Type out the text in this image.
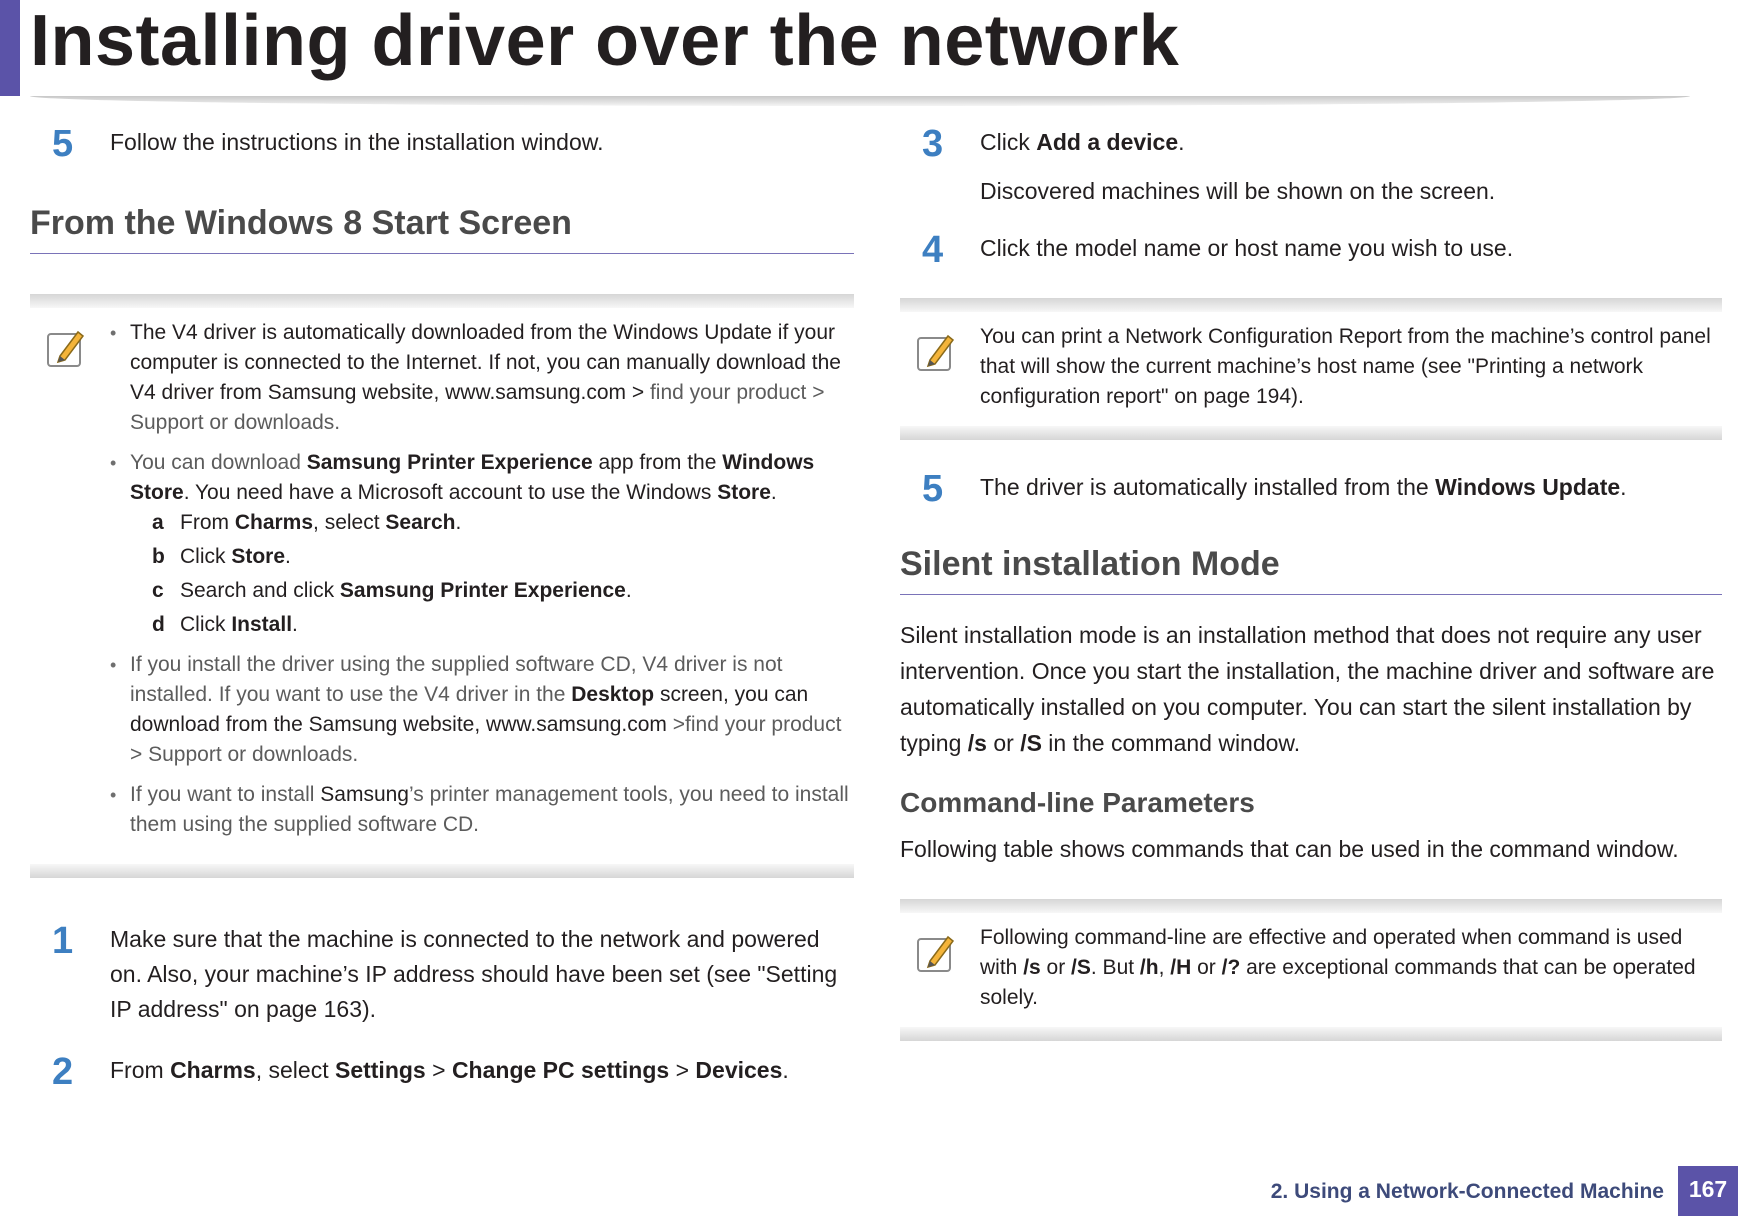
Installing driver over the network
5 Follow the instructions in the installation window.

From the Windows 8 Start Screen
• The V4 driver is automatically downloaded from the Windows Update if your computer is connected to the Internet. If not, you can manually download the V4 driver from Samsung website, www.samsung.com > find your product > Support or downloads.
• You can download Samsung Printer Experience app from the Windows Store. You need have a Microsoft account to use the Windows Store.
a From Charms, select Search.
b Click Store.
c Search and click Samsung Printer Experience.
d Click Install.
• If you install the driver using the supplied software CD, V4 driver is not installed. If you want to use the V4 driver in the Desktop screen, you can download from the Samsung website, www.samsung.com >find your product > Support or downloads.
• If you want to install Samsung’s printer management tools, you need to install them using the supplied software CD.
1 Make sure that the machine is connected to the network and powered on. Also, your machine’s IP address should have been set (see "Setting IP address" on page 163).

2 From Charms, select Settings > Change PC settings > Devices.

3 Click Add a device.

Discovered machines will be shown on the screen.

4 Click the model name or host name you wish to use.

You can print a Network Configuration Report from the machine’s control panel that will show the current machine’s host name (see "Printing a network configuration report" on page 194).

5 The driver is automatically installed from the Windows Update.

Silent installation Mode

Silent installation mode is an installation method that does not require any user intervention. Once you start the installation, the machine driver and software are automatically installed on you computer. You can start the silent installation by typing /s or /S in the command window.

Command-line Parameters

Following table shows commands that can be used in the command window.

Following command-line are effective and operated when command is used with /s or /S. But /h, /H or /? are exceptional commands that can be operated solely.

2. Using a Network-Connected Machine	167
